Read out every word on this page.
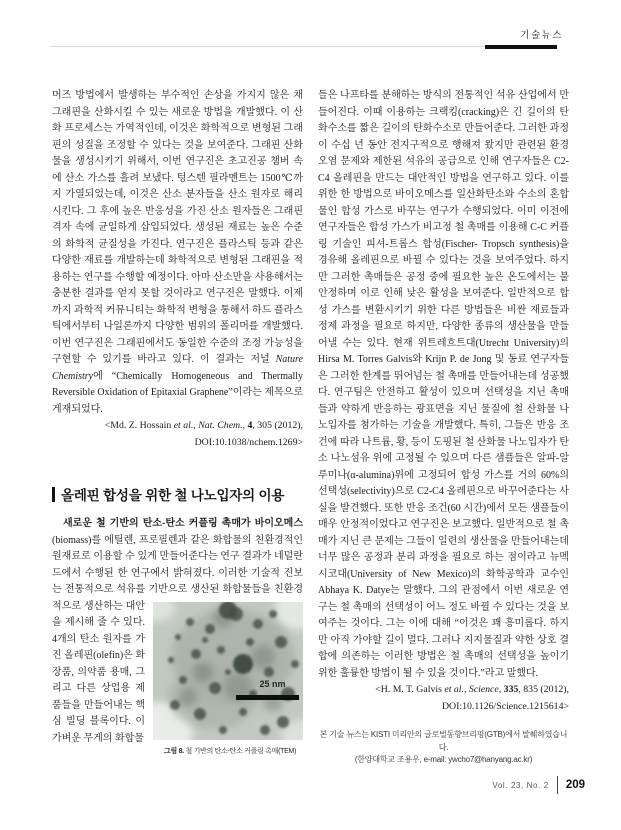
기술뉴스

머즈 방법에서 발생하는 부수적인 손상을 가지지 않은 채 그래핀을 산화시킬 수 있는 새로운 방법을 개발했다. 이 산화 프로세스는 가역적인데, 이것은 화학적으로 변형된 그래핀의 성질을 조정할 수 있다는 것을 보여준다. 그래핀 산화물을 생성시키기 위해서, 이번 연구진은 초고진공 챔버 속에 산소 가스를 흘려 보냈다. 텅스텐 필라멘트는 1500℃까지 가열되었는데, 이것은 산소 분자들을 산소 원자로 해리시킨다. 그 후에 높은 반응성을 가진 산소 원자들은 그래핀 격자 속에 균일하게 삽입되었다. 생성된 재료는 높은 수준의 화학적 균질성을 가진다. 연구진은 플라스틱 등과 같은 다양한 재료를 개발하는데 화학적으로 변형된 그래핀을 적용하는 연구를 수행할 예정이다. 아마 산소만을 사용해서는 충분한 결과를 얻지 못할 것이라고 연구진은 말했다. 이제까지 과학적 커뮤니티는 화학적 변형을 통해서 하드 플라스틱에서부터 나일론까지 다양한 범위의 폴리머를 개발했다. 이번 연구진은 그래핀에서도 동일한 수준의 조정 가능성을 구현할 수 있기를 바라고 있다. 이 결과는 저널 Nature Chemistry에 “Chemically Homogeneous and Thermally Reversible Oxidation of Epitaxial Graphene”이라는 제목으로 게재되었다.

<Md. Z. Hossain et al., Nat. Chem., 4, 305 (2012),
DOI:10.1038/nchem.1269>

올레핀 합성을 위한 철 나노입자의 이용

새로운 철 기반의 탄소-탄소 커플링 촉매가 바이오메스(biomass)를 에틸렌, 프로필렌과 같은 화합물의 친환경적인 원재료로 이용할 수 있게 만들어준다는 연구 결과가 네덜란드에서 수행된 한 연구에서 밝혀졌다. 이러한 기술적 진보는 전통적으로 석유를 기반으로 생산된 화합물들을
25 nm
그림 8. 철 기반의 탄소-탄소 커플링 촉매(TEM)
친환경적으로 생산하는 대안을 제시해 줄 수 있다. 4개의 탄소 원자를 가진 올레핀(olefin)은 화장품, 의약품 용매, 그리고 다른 상업용 제품들을 만들어내는 핵심 빌딩 블록이다. 이 가벼운 무게의 화합물

들은 나프타를 분해하는 방식의 전통적인 석유 산업에서 만들어진다. 이때 이용하는 크랙킹(cracking)은 긴 길이의 탄화수소를 짧은 길이의 탄화수소로 만들어준다. 그러한 과정이 수십 년 동안 전지구적으로 행해져 왔지만 관련된 환경오염 문제와 제한된 석유의 공급으로 인해 연구자들은 C2-C4 올레핀을 만드는 대안적인 방법을 연구하고 있다. 이를 위한 한 방법으로 바이오메스를 일산화탄소와 수소의 혼합물인 합성 가스로 바꾸는 연구가 수행되었다. 이미 이전에 연구자들은 합성 가스가 비고정 철 촉매를 이용해 C-C 커플링 기술인 피셔-트롭스 합성(Fischer- Tropsch synthesis)을 경유해 올레핀으로 바뀔 수 있다는 것을 보여주었다. 하지만 그러한 촉매들은 공정 중에 필요한 높은 온도에서는 불안정하며 이로 인해 낮은 활성을 보여준다. 일반적으로 합성 가스를 변환시키기 위한 다른 방법들은 비싼 재료들과 정제 과정을 필요로 하지만, 다양한 종류의 생산물을 만들어낼 수는 있다. 현재 위트레흐트대(Utrecht University)의 Hirsa M. Torres Galvis와 Krijn P. de Jong 및 동료 연구자들은 그러한 한계를 뛰어넘는 철 촉매를 만들어내는데 성공했다. 연구팀은 안전하고 활성이 있으며 선택성을 지닌 촉매들과 약하게 반응하는 광표면을 지닌 물질에 철 산화물 나노입자를 첨가하는 기술을 개발했다. 특히, 그들은 반응 조건에 따라 나트륨, 황, 등이 도핑된 철 산화물 나노입자가 탄소 나노섬유 위에 고정될 수 있으며 다른 샘플들은 알파-알루미나(α-alumina)위에 고정되어 합성 가스를 거의 60%의 선택성(selectivity)으로 C2-C4 올레핀으로 바꾸어준다는 사실을 발견했다. 또한 반응 조건(60 시간)에서 모든 샘플들이 매우 안정적이었다고 연구진은 보고했다. 일반적으로 철 촉매가 지닌 큰 문제는 그들이 일련의 생산물을 만들어내는데 너무 많은 공정과 분리 과정을 필요로 하는 점이라고 뉴멕시코대(University of New Mexico)의 화학공학과 교수인 Abhaya K. Datye는 말했다. 그의 관점에서 이번 새로운 연구는 철 촉매의 선택성이 어느 정도 바뀔 수 있다는 것을 보여주는 것이다. 그는 이에 대해 “이것은 꽤 흥미롭다. 하지만 아직 가야할 길이 멀다. 그러나 지지물질과 약한 상호 결합에 의존하는 이러한 방법은 철 촉매의 선택성을 높이기 위한 훌륭한 방법이 될 수 있을 것이다.”라고 말했다.

<H. M. T. Galvis et al., Science, 335, 835 (2012),
DOI:10.1126/Science.1215614>

본 기술 뉴스는 KISTI 미리안의 글로벌동향브리핑(GTB)에서 발췌하였습니다.
(한양대학교 조용우, e-mail: ywcho7@hanyang.ac.kr)
Vol. 23, No. 2 209
